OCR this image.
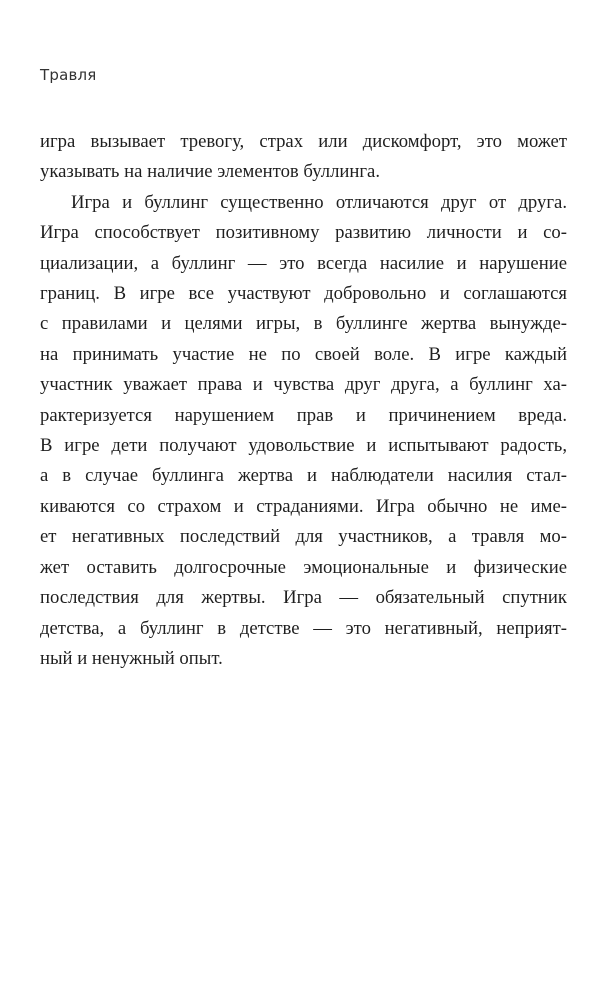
Травля

игра вызывает тревогу, страх или дискомфорт, это может
указывать на наличие элементов буллинга.

Игра и буллинг существенно отличаются друг от друга.
Игра способствует позитивному развитию личности и со-
циализации, а буллинг — это всегда насилие и нарушение
границ. В игре все участвуют добровольно и соглашаются
с правилами и целями игры, в буллинге жертва вынужде-
на принимать участие не по своей воле. В игре каждый
участник уважает права и чувства друг друга, а буллинг ха-
рактеризуется нарушением прав и причинением вреда.
В игре дети получают удовольствие и испытывают радость,
а в случае буллинга жертва и наблюдатели насилия стал-
киваются со страхом и страданиями. Игра обычно не име-
ет негативных последствий для участников, а травля мо-
жет оставить долгосрочные эмоциональные и физические
последствия для жертвы. Игра — обязательный спутник
детства, а буллинг в детстве — это негативный, неприят-
ный и ненужный опыт.
